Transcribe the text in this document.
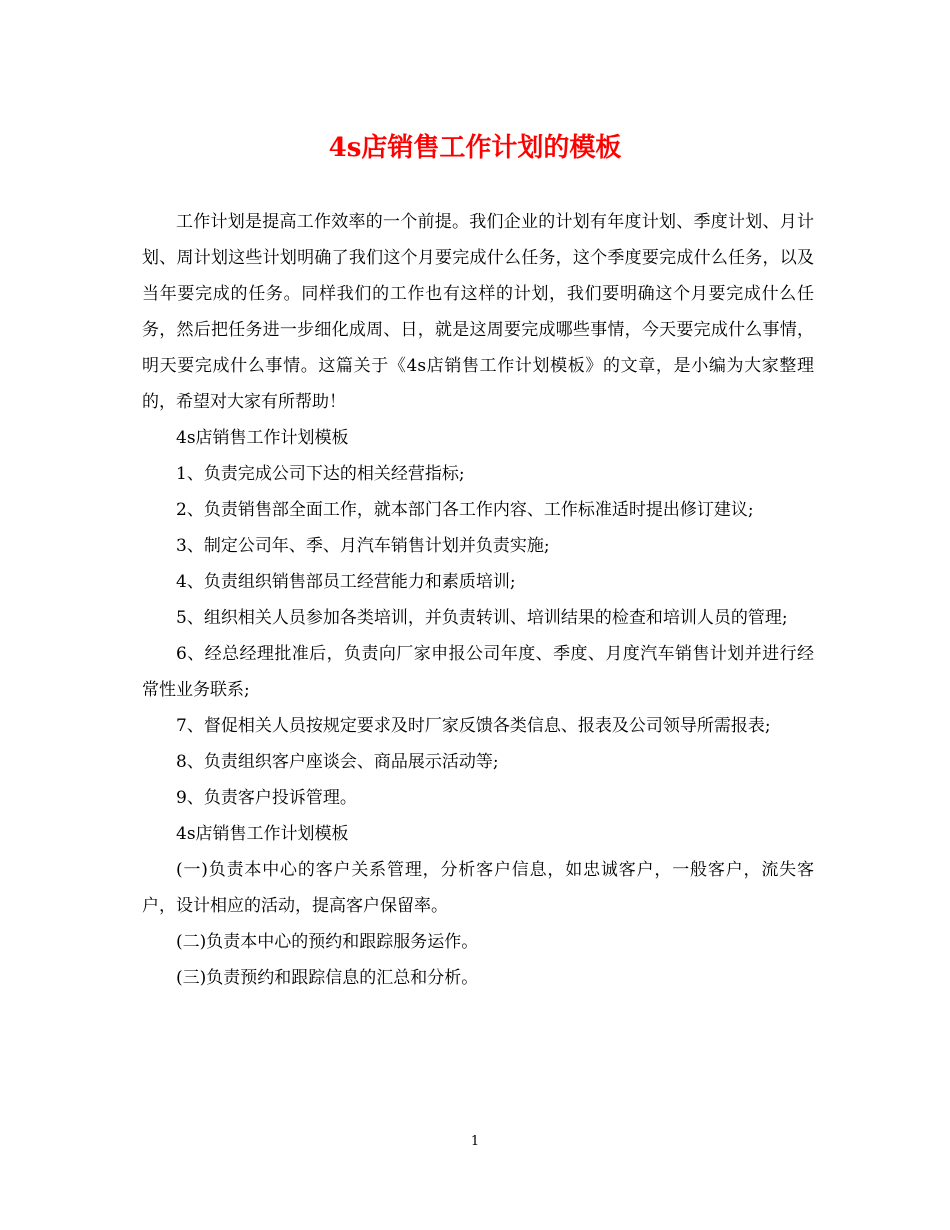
4s店销售工作计划的模板

工作计划是提高工作效率的一个前提。我们企业的计划有年度计划、季度计划、月计划、周计划这些计划明确了我们这个月要完成什么任务，这个季度要完成什么任务，以及当年要完成的任务。同样我们的工作也有这样的计划，我们要明确这个月要完成什么任务，然后把任务进一步细化成周、日，就是这周要完成哪些事情，今天要完成什么事情，明天要完成什么事情。这篇关于《4s店销售工作计划模板》的文章，是小编为大家整理的，希望对大家有所帮助！

4s店销售工作计划模板

1、负责完成公司下达的相关经营指标;

2、负责销售部全面工作，就本部门各工作内容、工作标准适时提出修订建议;

3、制定公司年、季、月汽车销售计划并负责实施;

4、负责组织销售部员工经营能力和素质培训;

5、组织相关人员参加各类培训，并负责转训、培训结果的检查和培训人员的管理;

6、经总经理批准后，负责向厂家申报公司年度、季度、月度汽车销售计划并进行经常性业务联系;

7、督促相关人员按规定要求及时厂家反馈各类信息、报表及公司领导所需报表;

8、负责组织客户座谈会、商品展示活动等;

9、负责客户投诉管理。

4s店销售工作计划模板

(一)负责本中心的客户关系管理，分析客户信息，如忠诚客户，一般客户，流失客户，设计相应的活动，提高客户保留率。

(二)负责本中心的预约和跟踪服务运作。

(三)负责预约和跟踪信息的汇总和分析。

1
